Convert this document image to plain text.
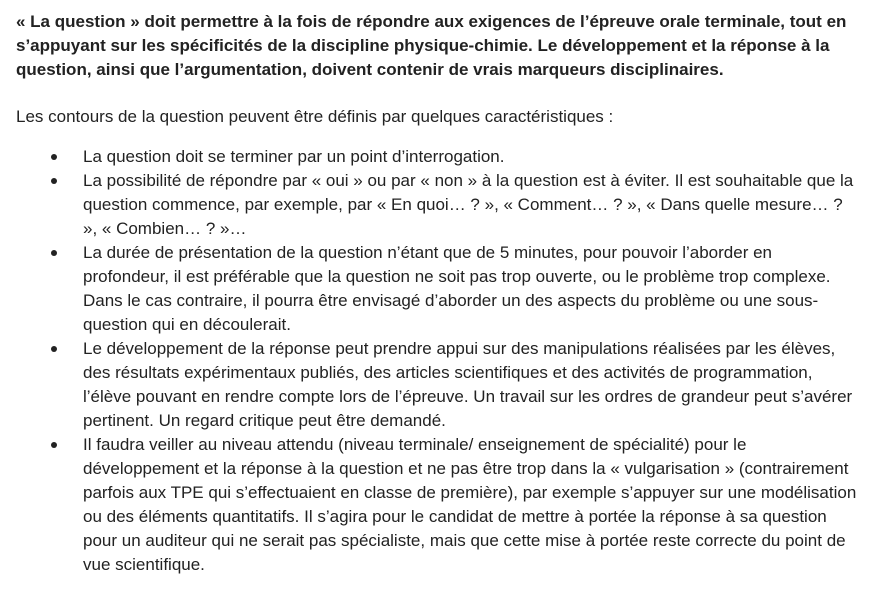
« La question » doit permettre à la fois de répondre aux exigences de l’épreuve orale terminale, tout en s’appuyant sur les spécificités de la discipline physique-chimie. Le développement et la réponse à la question, ainsi que l’argumentation, doivent contenir de vrais marqueurs disciplinaires.

Les contours de la question peuvent être définis par quelques caractéristiques :

La question doit se terminer par un point d’interrogation.
La possibilité de répondre par « oui » ou par « non » à la question est à éviter. Il est souhaitable que la question commence, par exemple, par « En quoi… ? », « Comment… ? », « Dans quelle mesure… ? », « Combien… ? »…
La durée de présentation de la question n’étant que de 5 minutes, pour pouvoir l’aborder en profondeur, il est préférable que la question ne soit pas trop ouverte, ou le problème trop complexe. Dans le cas contraire, il pourra être envisagé d’aborder un des aspects du problème ou une sous-question qui en découlerait.
Le développement de la réponse peut prendre appui sur des manipulations réalisées par les élèves, des résultats expérimentaux publiés, des articles scientifiques et des activités de programmation, l’élève pouvant en rendre compte lors de l’épreuve. Un travail sur les ordres de grandeur peut s’avérer pertinent. Un regard critique peut être demandé.
Il faudra veiller au niveau attendu (niveau terminale/ enseignement de spécialité) pour le développement et la réponse à la question et ne pas être trop dans la « vulgarisation » (contrairement parfois aux TPE qui s’effectuaient en classe de première), par exemple s’appuyer sur une modélisation ou des éléments quantitatifs. Il s’agira pour le candidat de mettre à portée la réponse à sa question pour un auditeur qui ne serait pas spécialiste, mais que cette mise à portée reste correcte du point de vue scientifique.
